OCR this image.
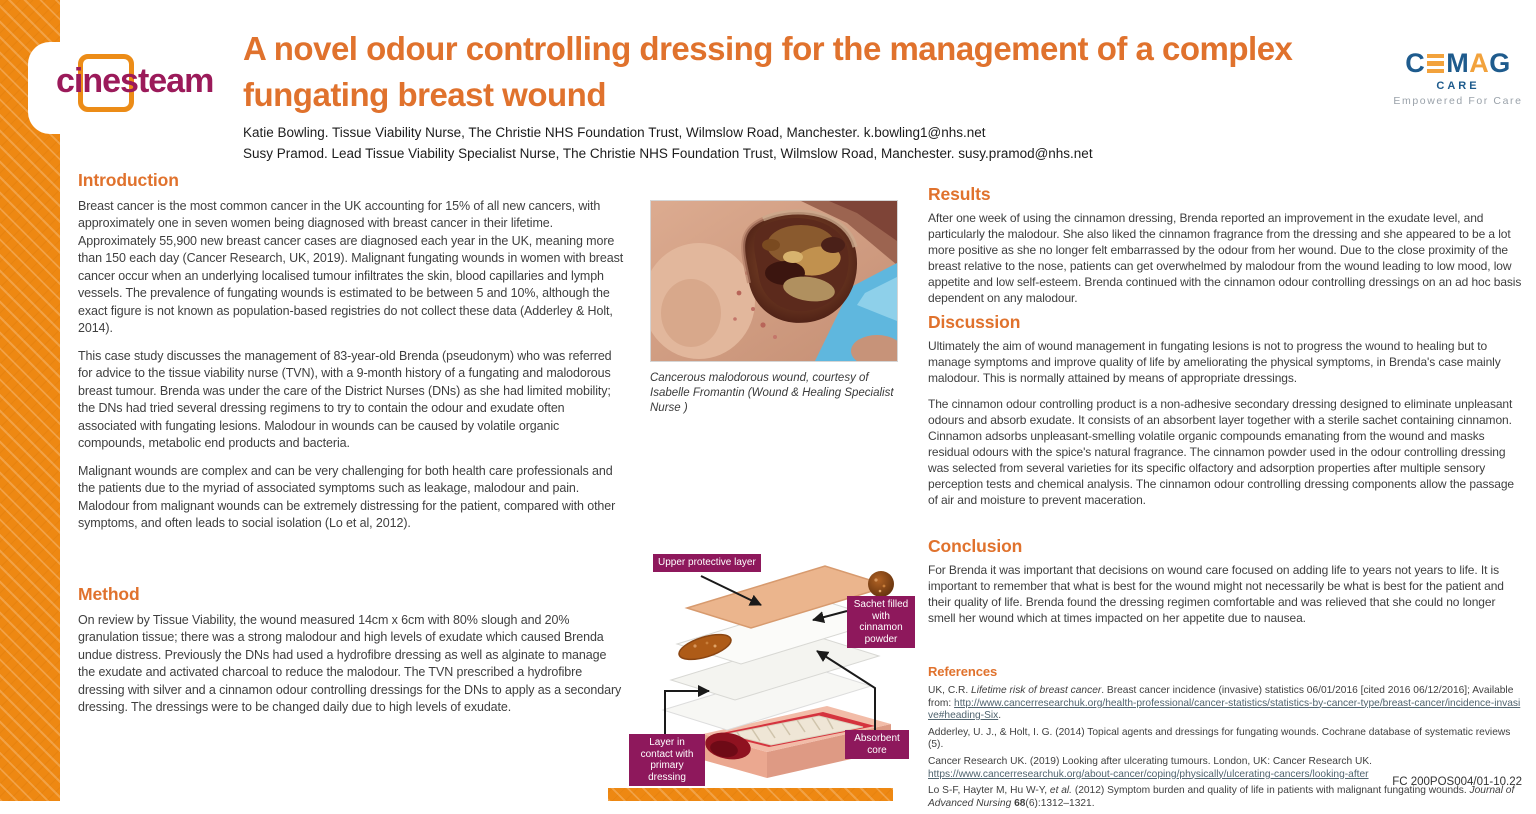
cinesteam
A novel odour controlling dressing for the management of a complex
fungating breast wound
Katie Bowling. Tissue Viability Nurse, The Christie NHS Foundation Trust, Wilmslow Road, Manchester. k.bowling1@nhs.net
Susy Pramod. Lead Tissue Viability Specialist Nurse, The Christie NHS Foundation Trust, Wilmslow Road, Manchester. susy.pramod@nhs.net
C M A G
CARE
Empowered For Care
Introduction

Breast cancer is the most common cancer in the UK accounting for 15% of all new cancers, with approximately one in seven women being diagnosed with breast cancer in their lifetime. Approximately 55,900 new breast cancer cases are diagnosed each year in the UK, meaning more than 150 each day (Cancer Research, UK, 2019). Malignant fungating wounds in women with breast cancer occur when an underlying localised tumour infiltrates the skin, blood capillaries and lymph vessels. The prevalence of fungating wounds is estimated to be between 5 and 10%, although the exact figure is not known as population-based registries do not collect these data (Adderley & Holt, 2014).

This case study discusses the management of 83-year-old Brenda (pseudonym) who was referred for advice to the tissue viability nurse (TVN), with a 9-month history of a fungating and malodorous breast tumour. Brenda was under the care of the District Nurses (DNs) as she had limited mobility; the DNs had tried several dressing regimens to try to contain the odour and exudate often associated with fungating lesions. Malodour in wounds can be caused by volatile organic compounds, metabolic end products and bacteria.

Malignant wounds are complex and can be very challenging for both health care professionals and the patients due to the myriad of associated symptoms such as leakage, malodour and pain. Malodour from malignant wounds can be extremely distressing for the patient, compared with other symptoms, and often leads to social isolation (Lo et al, 2012).

Method

On review by Tissue Viability, the wound measured 14cm x 6cm with 80% slough and 20% granulation tissue; there was a strong malodour and high levels of exudate which caused Brenda undue distress. Previously the DNs had used a hydrofibre dressing as well as alginate to manage the exudate and activated charcoal to reduce the malodour. The TVN prescribed a hydrofibre dressing with silver and a cinnamon odour controlling dressings for the DNs to apply as a secondary dressing. The dressings were to be changed daily due to high levels of exudate.

Cancerous malodorous wound, courtesy of Isabelle Fromantin (Wound & Healing Specialist Nurse )
Upper protective layer
Sachet filled with cinnamon powder
Absorbent core
Layer in contact with primary dressing
Results

After one week of using the cinnamon dressing, Brenda reported an improvement in the exudate level, and particularly the malodour. She also liked the cinnamon fragrance from the dressing and she appeared to be a lot more positive as she no longer felt embarrassed by the odour from her wound. Due to the close proximity of the breast relative to the nose, patients can get overwhelmed by malodour from the wound leading to low mood, low appetite and low self-esteem. Brenda continued with the cinnamon odour controlling dressings on an ad hoc basis dependent on any malodour.

Discussion

Ultimately the aim of wound management in fungating lesions is not to progress the wound to healing but to manage symptoms and improve quality of life by ameliorating the physical symptoms, in Brenda's case mainly malodour. This is normally attained by means of appropriate dressings.

The cinnamon odour controlling product is a non-adhesive secondary dressing designed to eliminate unpleasant odours and absorb exudate. It consists of an absorbent layer together with a sterile sachet containing cinnamon. Cinnamon adsorbs unpleasant-smelling volatile organic compounds emanating from the wound and masks residual odours with the spice's natural fragrance. The cinnamon powder used in the odour controlling dressing was selected from several varieties for its specific olfactory and adsorption properties after multiple sensory perception tests and chemical analysis. The cinnamon odour controlling dressing components allow the passage of air and moisture to prevent maceration.

Conclusion

For Brenda it was important that decisions on wound care focused on adding life to years not years to life. It is important to remember that what is best for the wound might not necessarily be what is best for the patient and their quality of life. Brenda found the dressing regimen comfortable and was relieved that she could no longer smell her wound which at times impacted on her appetite due to nausea.

References

UK, C.R. Lifetime risk of breast cancer. Breast cancer incidence (invasive) statistics 06/01/2016 [cited 2016 06/12/2016]; Available from: http://www.cancerresearchuk.org/health-professional/cancer-statistics/statistics-by-cancer-type/breast-cancer/incidence-invasive#heading-Six.

Adderley, U. J., & Holt, I. G. (2014) Topical agents and dressings for fungating wounds. Cochrane database of systematic reviews (5).

Cancer Research UK. (2019) Looking after ulcerating tumours. London, UK: Cancer Research UK.
https://www.cancerresearchuk.org/about-cancer/coping/physically/ulcerating-cancers/looking-after

Lo S-F, Hayter M, Hu W-Y, et al. (2012) Symptom burden and quality of life in patients with malignant fungating wounds. Journal of Advanced Nursing 68(6):1312–1321.

FC 200POS004/01-10.22
